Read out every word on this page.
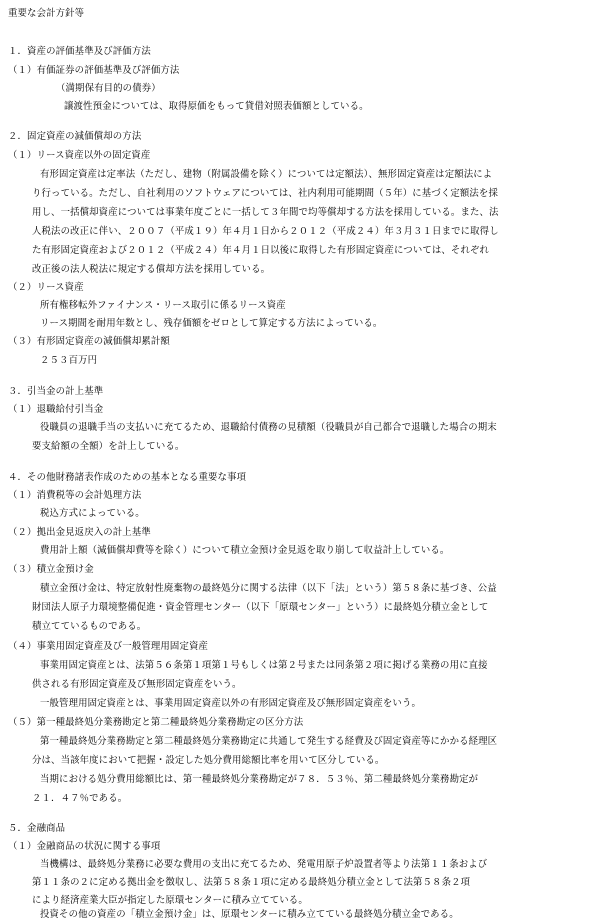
重要な会計方針等
１．資産の評価基準及び評価方法
（１）有価証券の評価基準及び評価方法
（満期保有目的の債券）
譲渡性預金については、取得原価をもって貸借対照表価額としている。
２．固定資産の減価償却の方法
（１）リース資産以外の固定資産
有形固定資産は定率法（ただし、建物（附属設備を除く）については定額法）、無形固定資産は定額法によ
り行っている。ただし、自社利用のソフトウェアについては、社内利用可能期間（５年）に基づく定額法を採
用し、一括償却資産については事業年度ごとに一括して３年間で均等償却する方法を採用している。また、法
人税法の改正に伴い、２００７（平成１９）年４月１日から２０１２（平成２４）年３月３１日までに取得し
た有形固定資産および２０１２（平成２４）年４月１日以後に取得した有形固定資産については、それぞれ
改正後の法人税法に規定する償却方法を採用している。
（２）リース資産
所有権移転外ファイナンス・リース取引に係るリース資産
リース期間を耐用年数とし、残存価額をゼロとして算定する方法によっている。
（３）有形固定資産の減価償却累計額
２５３百万円
３．引当金の計上基準
（１）退職給付引当金
役職員の退職手当の支払いに充てるため、退職給付債務の見積額（役職員が自己都合で退職した場合の期末
要支給額の全額）を計上している。
４．その他財務諸表作成のための基本となる重要な事項
（１）消費税等の会計処理方法
税込方式によっている。
（２）拠出金見返戻入の計上基準
費用計上額（減価償却費等を除く）について積立金預け金見返を取り崩して収益計上している。
（３）積立金預け金
積立金預け金は、特定放射性廃棄物の最終処分に関する法律（以下「法」という）第５８条に基づき、公益
財団法人原子力環境整備促進・資金管理センター（以下「原環センター」という）に最終処分積立金として
積立てているものである。
（４）事業用固定資産及び一般管理用固定資産
事業用固定資産とは、法第５６条第１項第１号もしくは第２号または同条第２項に掲げる業務の用に直接
供される有形固定資産及び無形固定資産をいう。
一般管理用固定資産とは、事業用固定資産以外の有形固定資産及び無形固定資産をいう。
（５）第一種最終処分業務勘定と第二種最終処分業務勘定の区分方法
第一種最終処分業務勘定と第二種最終処分業務勘定に共通して発生する経費及び固定資産等にかかる経理区
分は、当該年度において把握・設定した処分費用総額比率を用いて区分している。
当期における処分費用総額比は、第一種最終処分業務勘定が７８．５３％、第二種最終処分業務勘定が
２１．４７％である。
５．金融商品
（１）金融商品の状況に関する事項
当機構は、最終処分業務に必要な費用の支出に充てるため、発電用原子炉設置者等より法第１１条および
第１１条の２に定める拠出金を徴収し、法第５８条１項に定める最終処分積立金として法第５８条２項
により経済産業大臣が指定した原環センターに積み立てている。
投資その他の資産の「積立金預け金」は、原環センターに積み立てている最終処分積立金である。
